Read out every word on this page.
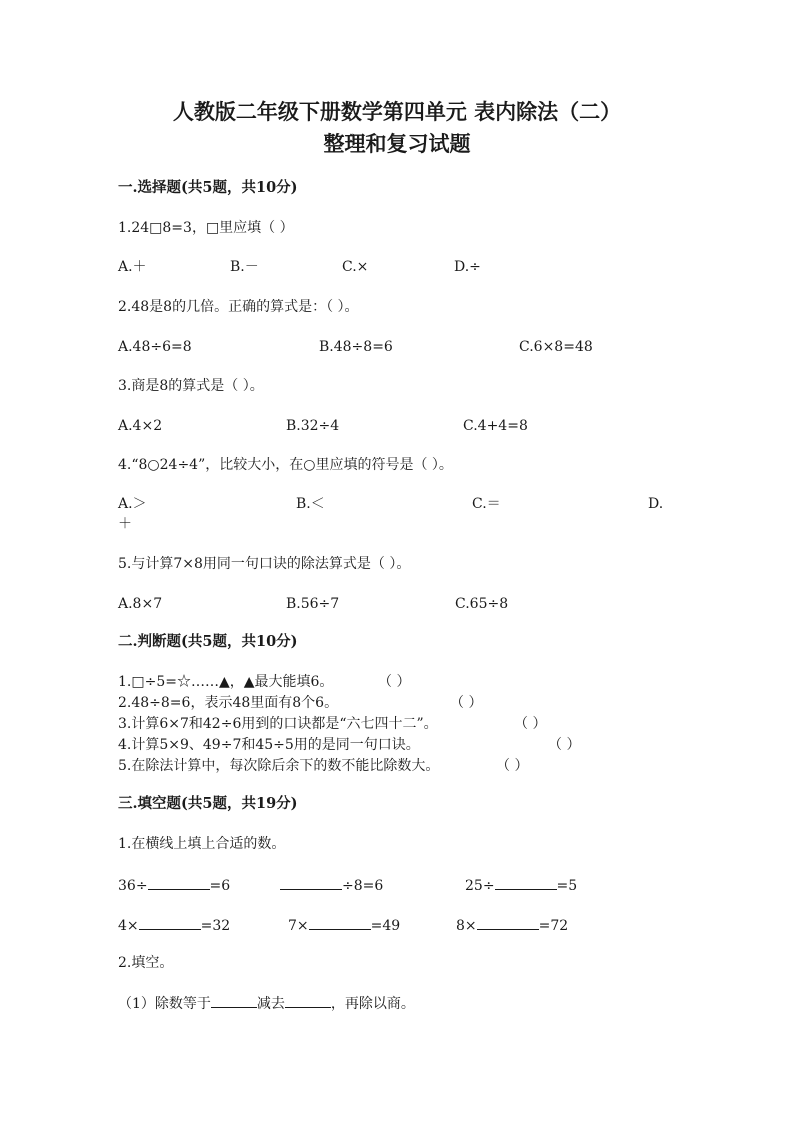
人教版二年级下册数学第四单元 表内除法（二）
整理和复习试题
一.选择题(共5题，共10分)
1.24□8=3，□里应填（ ）
A.＋	B.－	C.×	D.÷
2.48是8的几倍。正确的算式是：（ ）。
A.48÷6=8	B.48÷8=6	C.6×8=48
3.商是8的算式是（ ）。
A.4×2	B.32÷4	C.4+4=8
4.“8○24÷4”，比较大小，在○里应填的符号是（ ）。
A.＞	B.＜	C.＝	D.
＋
5.与计算7×8用同一句口诀的除法算式是（ ）。
A.8×7	B.56÷7	C.65÷8
二.判断题(共5题，共10分)
1.□÷5=☆……▲，▲最大能填6。	（ ）
2.48÷8=6，表示48里面有8个6。	（ ）
3.计算6×7和42÷6用到的口诀都是“六七四十二”。	（ ）
4.计算5×9、49÷7和45÷5用的是同一句口诀。	（ ）
5.在除法计算中，每次除后余下的数不能比除数大。	（ ）
三.填空题(共5题，共19分)
1.在横线上填上合适的数。
36÷	=6	÷8=6	25÷	=5
4×	=32	7×	=49	8×	=72
2.填空。
（1）除数等于	减去	，再除以商。
